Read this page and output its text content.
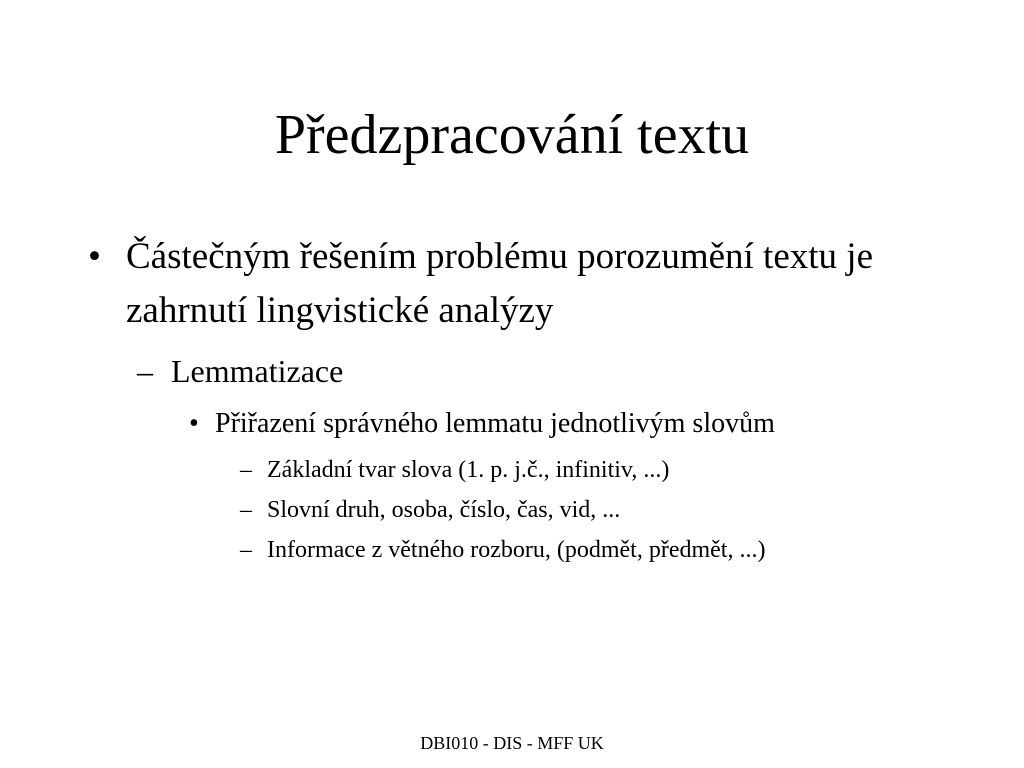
Předzpracování textu
• Částečným řešením problému porozumění textu je zahrnutí lingvistické analýzy
– Lemmatizace
• Přiřazení správného lemmatu jednotlivým slovům
– Základní tvar slova (1. p. j.č., infinitiv, ...)
– Slovní druh, osoba, číslo, čas, vid, ...
– Informace z větného rozboru, (podmět, předmět, ...)
DBI010 - DIS - MFF UK
